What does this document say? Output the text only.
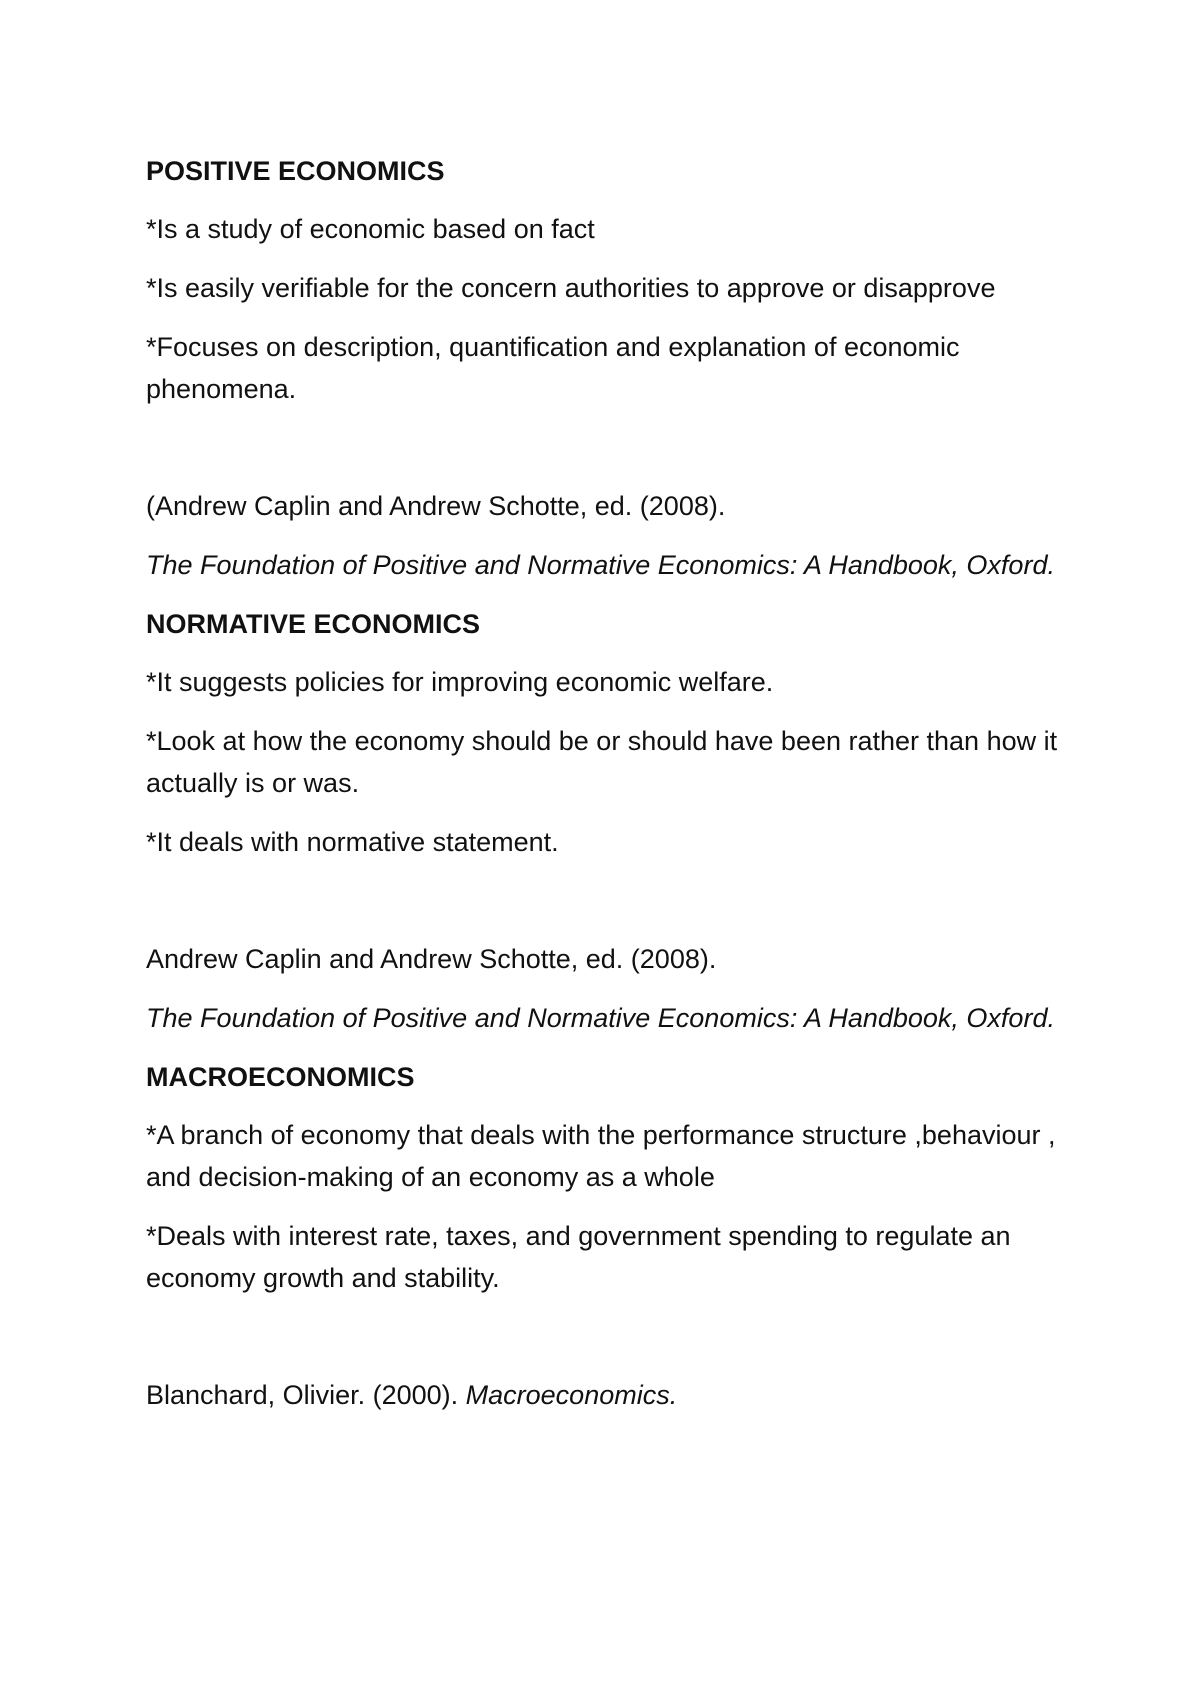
POSITIVE ECONOMICS
*Is a study of economic based on fact
*Is easily verifiable for the concern authorities to approve or disapprove
*Focuses on description, quantification and explanation of economic phenomena.
(Andrew Caplin and Andrew Schotte, ed. (2008).
The Foundation of Positive and Normative Economics: A Handbook, Oxford.
NORMATIVE ECONOMICS
*It suggests policies for improving economic welfare.
*Look at how the economy should be or should have been rather than how it actually is or was.
*It deals with normative statement.
Andrew Caplin and Andrew Schotte, ed. (2008).
The Foundation of Positive and Normative Economics: A Handbook, Oxford.
MACROECONOMICS
*A branch of economy that deals with the performance structure ,behaviour , and decision-making of an economy as a whole
*Deals with interest rate, taxes, and government spending to regulate an economy growth and stability.
Blanchard, Olivier. (2000). Macroeconomics.
